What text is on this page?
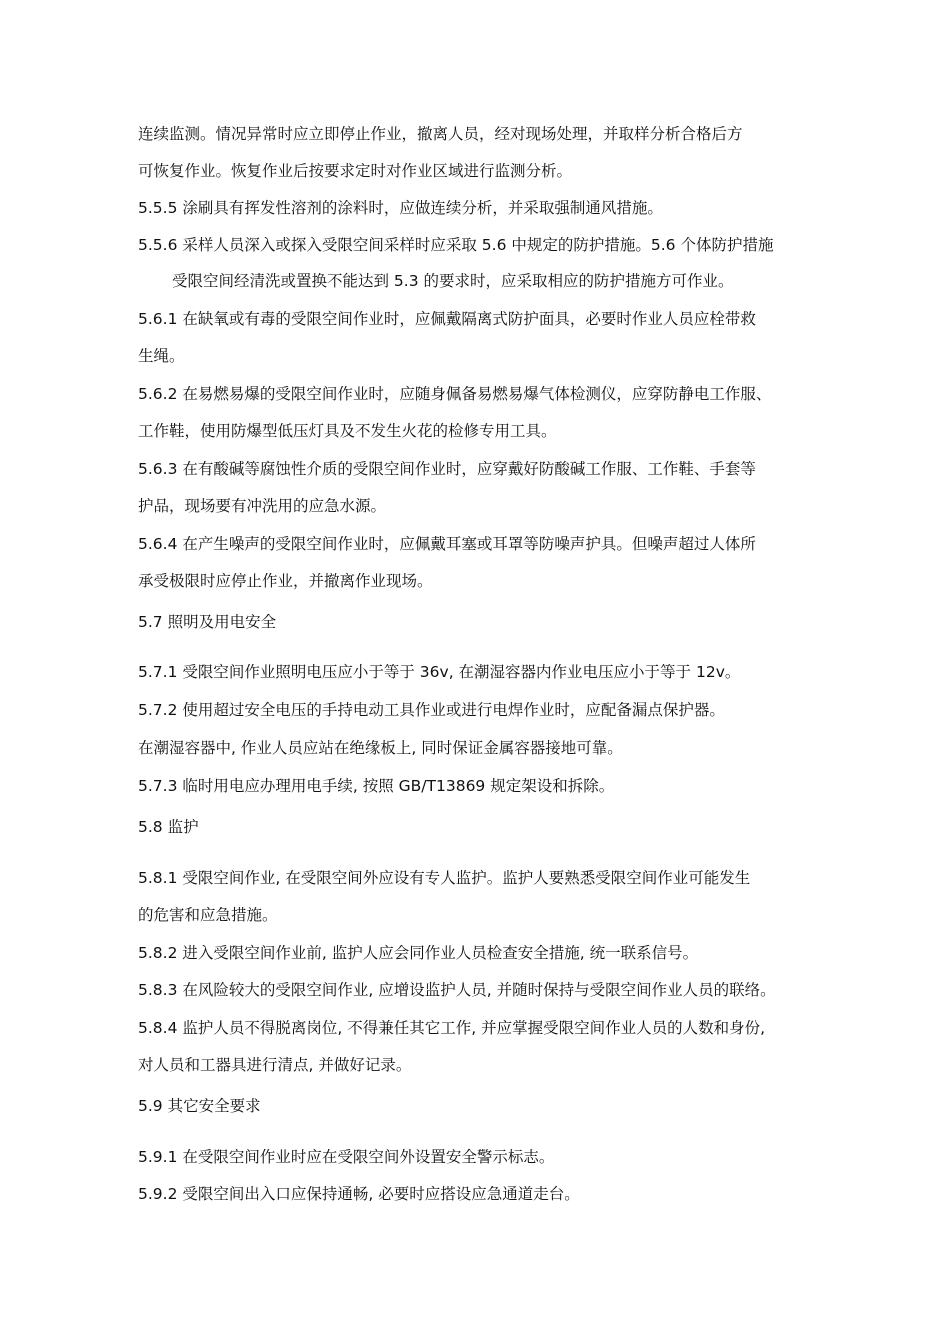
连续监测。情况异常时应立即停止作业，撤离人员，经对现场处理，并取样分析合格后方
可恢复作业。恢复作业后按要求定时对作业区域进行监测分析。
5.5.5 涂刷具有挥发性溶剂的涂料时，应做连续分析，并采取强制通风措施。
5.5.6 采样人员深入或探入受限空间采样时应采取 5.6 中规定的防护措施。5.6 个体防护措施
受限空间经清洗或置换不能达到 5.3 的要求时，应采取相应的防护措施方可作业。
5.6.1 在缺氧或有毒的受限空间作业时，应佩戴隔离式防护面具，必要时作业人员应栓带救
生绳。
5.6.2 在易燃易爆的受限空间作业时，应随身佩备易燃易爆气体检测仪，应穿防静电工作服、
工作鞋，使用防爆型低压灯具及不发生火花的检修专用工具。
5.6.3 在有酸碱等腐蚀性介质的受限空间作业时，应穿戴好防酸碱工作服、工作鞋、手套等
护品，现场要有冲洗用的应急水源。
5.6.4 在产生噪声的受限空间作业时，应佩戴耳塞或耳罩等防噪声护具。但噪声超过人体所
承受极限时应停止作业，并撤离作业现场。
5.7 照明及用电安全
5.7.1 受限空间作业照明电压应小于等于 36v, 在潮湿容器内作业电压应小于等于 12v。
5.7.2 使用超过安全电压的手持电动工具作业或进行电焊作业时，应配备漏点保护器。
在潮湿容器中, 作业人员应站在绝缘板上, 同时保证金属容器接地可靠。
5.7.3 临时用电应办理用电手续, 按照 GB/T13869 规定架设和拆除。
5.8 监护
5.8.1 受限空间作业, 在受限空间外应设有专人监护。监护人要熟悉受限空间作业可能发生
的危害和应急措施。
5.8.2 进入受限空间作业前, 监护人应会同作业人员检查安全措施, 统一联系信号。
5.8.3 在风险较大的受限空间作业, 应增设监护人员, 并随时保持与受限空间作业人员的联络。
5.8.4 监护人员不得脱离岗位, 不得兼任其它工作, 并应掌握受限空间作业人员的人数和身份,
对人员和工器具进行清点, 并做好记录。
5.9 其它安全要求
5.9.1 在受限空间作业时应在受限空间外设置安全警示标志。
5.9.2 受限空间出入口应保持通畅, 必要时应搭设应急通道走台。
